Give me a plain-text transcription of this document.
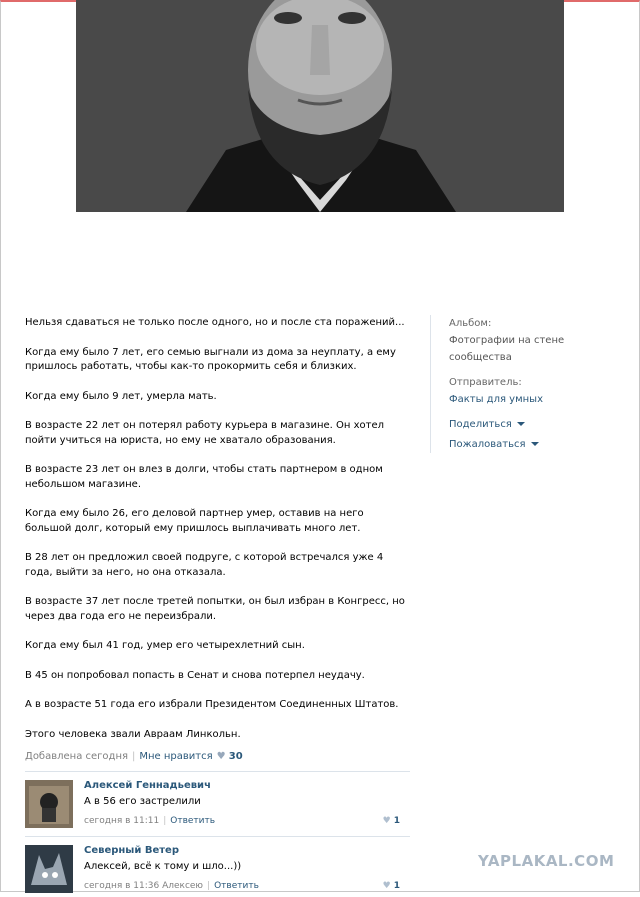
Нельзя сдаваться не только после одного, но и после ста поражений...

Когда ему было 7 лет, его семью выгнали из дома за неуплату, а ему пришлось работать, чтобы как-то прокормить себя и близких.

Когда ему было 9 лет, умерла мать.

В возрасте 22 лет он потерял работу курьера в магазине. Он хотел пойти учиться на юриста, но ему не хватало образования.

В возрасте 23 лет он влез в долги, чтобы стать партнером в одном небольшом магазине.

Когда ему было 26, его деловой партнер умер, оставив на него большой долг, который ему пришлось выплачивать много лет.

В 28 лет он предложил своей подруге, с которой встречался уже 4 года, выйти за него, но она отказала.

В возрасте 37 лет после третей попытки, он был избран в Конгресс, но через два года его не переизбрали.

Когда ему был 41 год, умер его четырехлетний сын.

В 45 он попробовал попасть в Сенат и снова потерпел неудачу.

А в возрасте 51 года его избрали Президентом Соединенных Штатов.

Этого человека звали Авраам Линкольн.

Альбом:
Фотографии на стене сообщества
Отправитель:
Факты для умных
Поделиться
Пожаловаться
Добавлена сегодня | Мне нравится ♥ 30
Алексей Геннадьевич
А в 56 его застрелили
сегодня в 11:11 | Ответить	♥ 1
Северный Ветер
Алексей, всё к тому и шло...))
сегодня в 11:36 Алексею | Ответить	♥ 1
YAPLAKAL.COM
